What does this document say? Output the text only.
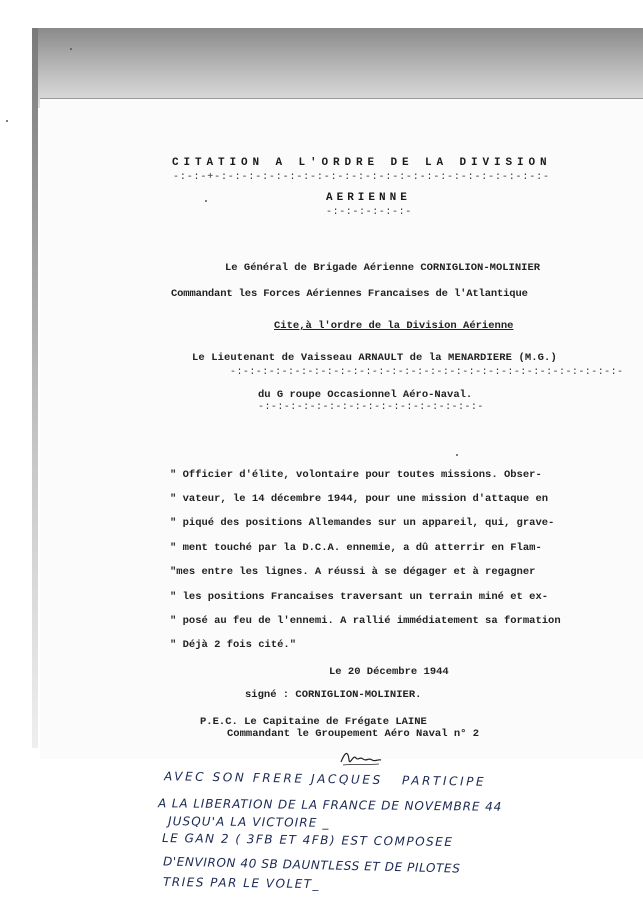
CITATION A L'ORDRE DE LA DIVISION
-:-:-+-:-:-:-:-:-:-:-:-:-:-:-:-:-:-:-:-:-:-:-:-:-:-:-:-
AERIENNE
-:-:-:-:-:-:-
Le Général de Brigade Aérienne CORNIGLION-MOLINIER
Commandant les Forces Aériennes Francaises de l'Atlantique
Cite,à l'ordre de la Division Aérienne
Le Lieutenant de Vaisseau ARNAULT de la MENARDIERE (M.G.)
-:-:-:-:-:-:-:-:-:-:-:-:-:-:-:-:-:-:-:-:-:-:-:-:-:-:-:-:-:-:-
du G roupe Occasionnel Aéro-Naval.
-:-:-:-:-:-:-:-:-:-:-:-:-:-:-:-:-:-
" Officier d'élite, volontaire pour toutes missions. Obser-
" vateur, le 14 décembre 1944, pour une mission d'attaque en
" piqué des positions Allemandes sur un appareil, qui, grave-
" ment touché par la D.C.A. ennemie, a dû atterrir en Flam-
"mes entre les lignes. A réussi à se dégager et à regagner
" les positions Francaises traversant un terrain miné et ex-
" posé au feu de l'ennemi. A rallié immédiatement sa formation
" Déjà 2 fois cité."
Le 20 Décembre 1944
signé : CORNIGLION-MOLINIER.
P.E.C. Le Capitaine de Frégate LAINE
Commandant le Groupement Aéro Naval n° 2
AVEC SON FRERE JACQUES   PARTICIPE
A LA LIBERATION DE LA FRANCE DE NOVEMBRE 44
JUSQU'A LA VICTOIRE _
LE GAN 2 ( 3FB ET 4FB) EST COMPOSEE
D'ENVIRON 40 SB DAUNTLESS ET DE PILOTES
TRIES PAR LE VOLET_
